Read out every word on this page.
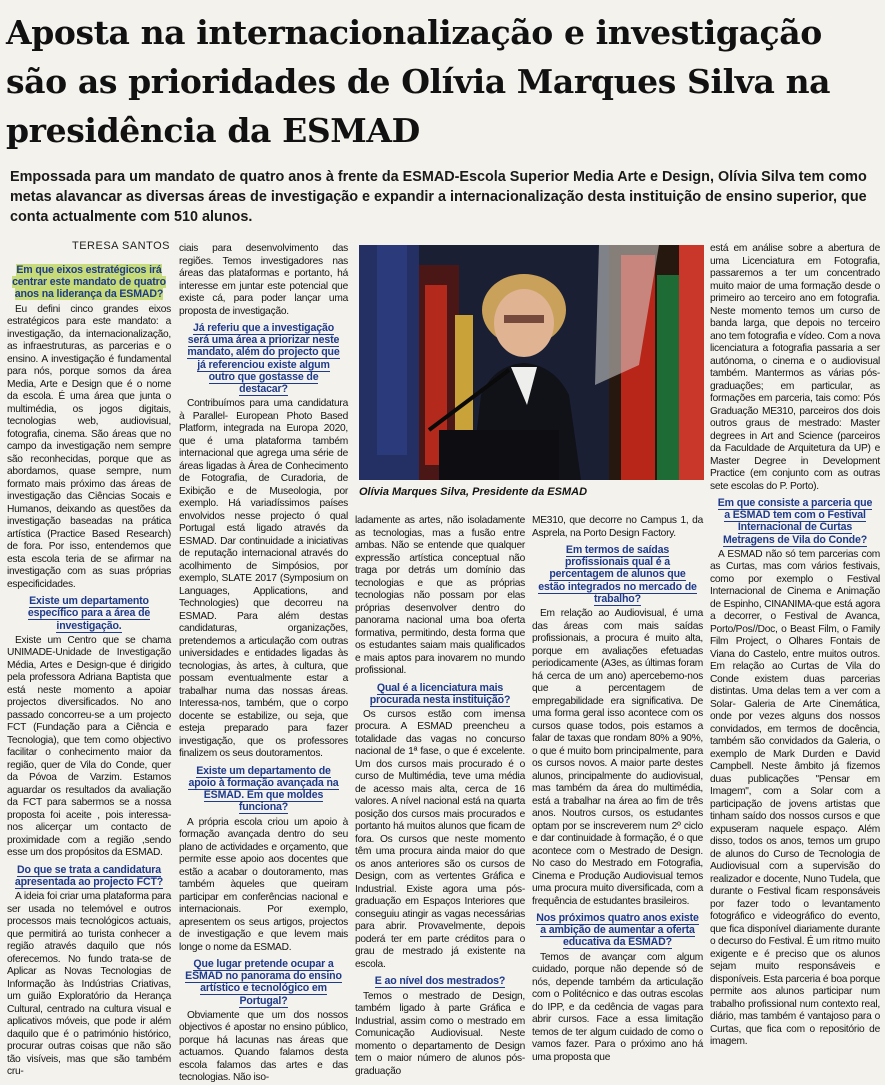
Aposta na internacionalização e investigação são as prioridades de Olívia Marques Silva na presidência da ESMAD

Empossada para um mandato de quatro anos à frente da ESMAD-Escola Superior Media Arte e Design, Olívia Silva tem como metas alavancar as diversas áreas de investigação e expandir a internacionalização desta instituição de ensino superior, que conta actualmente com 510 alunos.

TERESA SANTOS

Em que eixos estratégicos irá centrar este mandato de quatro anos na liderança da ESMAD?

Eu defini cinco grandes eixos estratégicos para este mandato: a investigação, da internacionalização, as infraestruturas, as parcerias e o ensino. A investigação é fundamental para nós, porque somos da área Media, Arte e Design que é o nome da escola. É uma área que junta o multimédia, os jogos digitais, tecnologias web, audiovisual, fotografia, cinema. São áreas que no campo da investigação nem sempre são reconhecidas, porque que as abordamos, quase sempre, num formato mais próximo das áreas de investigação das Ciências Socais e Humanos, deixando as questões da investigação baseadas na prática artística (Practice Based Research) de fora. Por isso, entendemos que esta escola teria de se afirmar na investigação com as suas próprias especificidades.

Existe um departamento específico para a área de investigação.

Existe um Centro que se chama UNIMADE-Unidade de Investigação Média, Artes e Design-que é dirigido pela professora Adriana Baptista que está neste momento a apoiar projectos diversificados. No ano passado concorreu-se a um projecto FCT (Fundação para a Ciência e Tecnologia), que tem como objectivo facilitar o conhecimento maior da região, quer de Vila do Conde, quer da Póvoa de Varzim. Estamos aguardar os resultados da avaliação da FCT para sabermos se a nossa proposta foi aceite , pois interessa-nos alicerçar um contacto de proximidade com a região ,sendo esse um dos propósitos da ESMAD.

Do que se trata a candidatura apresentada ao projecto FCT?

A ideia foi criar uma plataforma para ser usada no telemóvel e outros processos mais tecnológicos actuais, que permitirá ao turista conhecer a região através daquilo que nós oferecemos. No fundo trata-se de Aplicar as Novas Tecnologias de Informação às Indústrias Criativas, um guião Exploratório da Herança Cultural, centrado na cultura visual e aplicativos móveis, que pode ir além daquilo que é o património histórico, procurar outras coisas que não são tão visíveis, mas que são também cru-

ciais para desenvolvimento das regiões. Temos investigadores nas áreas das plataformas e portanto, há interesse em juntar este potencial que existe cá, para poder lançar uma proposta de investigação.

Já referiu que a investigação será uma área a priorizar neste mandato, além do projecto que já referenciou existe algum outro que gostasse de destacar?

Contribuímos para uma candidatura à Parallel- European Photo Based Platform, integrada na Europa 2020, que é uma plataforma também internacional que agrega uma série de áreas ligadas à Área de Conhecimento de Fotografia, de Curadoria, de Exibição e de Museologia, por exemplo. Há variadíssimos países envolvidos nesse projecto ó qual Portugal está ligado através da ESMAD. Dar continuidade a iniciativas de reputação internacional através do acolhimento de Simpósios, por exemplo, SLATE 2017 (Symposium on Languages, Applications, and Technologies) que decorreu na ESMAD. Para além destas candidaturas, organizações, pretendemos a articulação com outras universidades e entidades ligadas às tecnologias, às artes, à cultura, que possam eventualmente estar a trabalhar numa das nossas áreas. Interessa-nos, também, que o corpo docente se estabilize, ou seja, que esteja preparado para fazer investigação, que os professores finalizem os seus doutoramentos.

Existe um departamento de apoio à formação avançada na ESMAD. Em que moldes funciona?

A própria escola criou um apoio à formação avançada dentro do seu plano de actividades e orçamento, que permite esse apoio aos docentes que estão a acabar o doutoramento, mas também àqueles que queiram participar em conferências nacional e internacionais. Por exemplo, apresentem os seus artigos, projectos de investigação e que levem mais longe o nome da ESMAD.

Que lugar pretende ocupar a ESMAD no panorama do ensino artístico e tecnológico em Portugal?

Obviamente que um dos nossos objectivos é apostar no ensino público, porque há lacunas nas áreas que actuamos. Quando falamos desta escola falamos das artes e das tecnologias. Não iso-

ladamente as artes, não isoladamente as tecnologias, mas a fusão entre ambas. Não se entende que qualquer expressão artística conceptual não traga por detrás um domínio das tecnologias e que as próprias tecnologias não possam por elas próprias desenvolver dentro do panorama nacional uma boa oferta formativa, permitindo, desta forma que os estudantes saiam mais qualificados e mais aptos para inovarem no mundo profissional.

Qual é a licenciatura mais procurada nesta instituição?

Os cursos estão com imensa procura. A ESMAD preencheu a totalidade das vagas no concurso nacional de 1ª fase, o que é excelente. Um dos cursos mais procurado é o curso de Multimédia, teve uma média de acesso mais alta, cerca de 16 valores. A nível nacional está na quarta posição dos cursos mais procurados e portanto há muitos alunos que ficam de fora. Os cursos que neste momento têm uma procura ainda maior do que os anos anteriores são os cursos de Design, com as vertentes Gráfica e Industrial. Existe agora uma pós-graduação em Espaços Interiores que conseguiu atingir as vagas necessárias para abrir. Provavelmente, depois poderá ter em parte créditos para o grau de mestrado já existente na escola.

E ao nível dos mestrados?

Temos o mestrado de Design, também ligado à parte Gráfica e Industrial, assim como o mestrado em Comunicação Audiovisual. Neste momento o departamento de Design tem o maior número de alunos pós-graduação

ME310, que decorre no Campus 1, da Asprela, na Porto Design Factory.

Em termos de saídas profissionais qual é a percentagem de alunos que estão integrados no mercado de trabalho?

Em relação ao Audiovisual, é uma das áreas com mais saídas profissionais, a procura é muito alta, porque em avaliações efetuadas periodicamente (A3es, as últimas foram há cerca de um ano) apercebemo-nos que a percentagem de empregabilidade era significativa. De uma forma geral isso acontece com os cursos quase todos, pois estamos a falar de taxas que rondam 80% a 90%, o que é muito bom principalmente, para os cursos novos. A maior parte destes alunos, principalmente do audiovisual, mas também da área do multimédia, está a trabalhar na área ao fim de três anos. Noutros cursos, os estudantes optam por se inscreverem num 2º ciclo e dar continuidade à formação, é o que acontece com o Mestrado de Design. No caso do Mestrado em Fotografia, Cinema e Produção Audiovisual temos uma procura muito diversificada, com a frequência de estudantes brasileiros.

Nos próximos quatro anos existe a ambição de aumentar a oferta educativa da ESMAD?

Temos de avançar com algum cuidado, porque não depende só de nós, depende também da articulação com o Politécnico e das outras escolas do IPP, e da cedência de vagas para abrir cursos. Face a essa limitação temos de ter algum cuidado de como o vamos fazer. Para o próximo ano há uma proposta que

está em análise sobre a abertura de uma Licenciatura em Fotografia, passaremos a ter um concentrado muito maior de uma formação desde o primeiro ao terceiro ano em fotografia. Neste momento temos um curso de banda larga, que depois no terceiro ano tem fotografia e vídeo. Com a nova licenciatura a fotografia passaria a ser autónoma, o cinema e o audiovisual também. Mantermos as várias pós-graduações; em particular, as formações em parceria, tais como: Pós Graduação ME310, parceiros dos dois outros graus de mestrado: Master degrees in Art and Science (parceiros da Faculdade de Arquitetura da UP) e Master Degree in Development Practice (em conjunto com as outras sete escolas do P. Porto).

Em que consiste a parceria que a ESMAD tem com o Festival Internacional de Curtas Metragens de Vila do Conde?

A ESMAD não só tem parcerias com as Curtas, mas com vários festivais, como por exemplo o Festival Internacional de Cinema e Animação de Espinho, CINANIMA-que está agora a decorrer, o Festival de Avanca, Porto/Pos//Doc, o Beast Film, o Family Film Project, o Olhares Fontais de Viana do Castelo, entre muitos outros. Em relação ao Curtas de Vila do Conde existem duas parcerias distintas. Uma delas tem a ver com a Solar- Galeria de Arte Cinemática, onde por vezes alguns dos nossos convidados, em termos de docência, também são convidados da Galeria, o exemplo de Mark Durden e David Campbell. Neste âmbito já fizemos duas publicações "Pensar em Imagem", com a Solar com a participação de jovens artistas que tinham saído dos nossos cursos e que expuseram naquele espaço. Além disso, todos os anos, temos um grupo de alunos do Curso de Tecnologia de Audiovisual com a supervisão do realizador e docente, Nuno Tudela, que durante o Festival ficam responsáveis por fazer todo o levantamento fotográfico e videográfico do evento, que fica disponível diariamente durante o decurso do Festival. É um ritmo muito exigente e é preciso que os alunos sejam muito responsáveis e disponíveis. Esta parceria é boa porque permite aos alunos participar num trabalho profissional num contexto real, diário, mas também é vantajoso para o Curtas, que fica com o repositório de imagem.

Olívia Marques Silva, Presidente da ESMAD
